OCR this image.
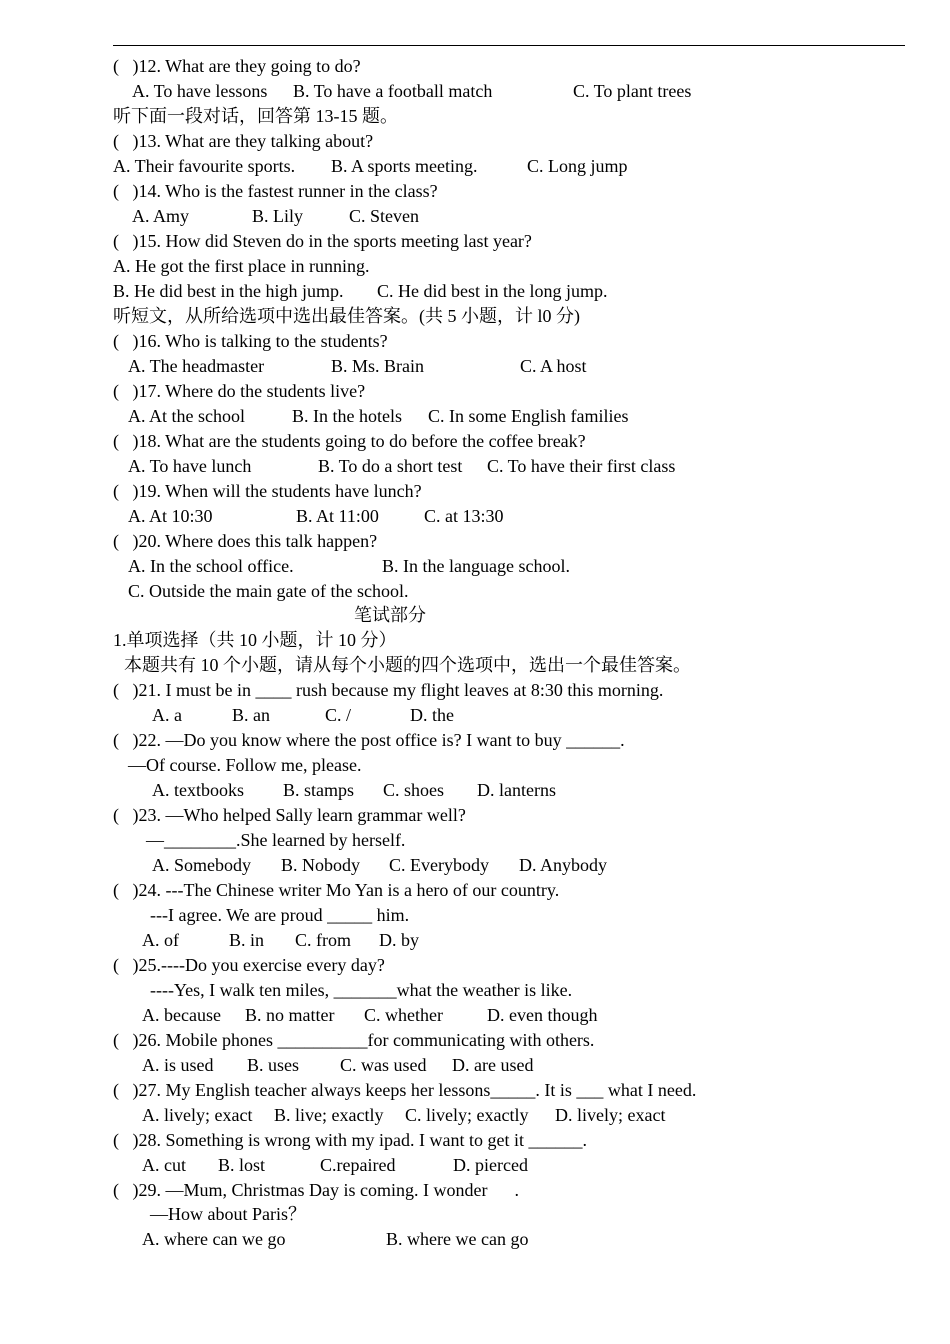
(   )12. What are they going to do?

A. To have lessons

B. To have a football match

	C. To plant trees

听下面一段对话，回答第 13-15 题。

(   )13. What are they talking about?

A. Their favourite sports.

B. A sports meeting.

	C. Long jump

(   )14. Who is the fastest runner in the class?

A. Amy

	B. Lily

	C. Steven

(   )15. How did Steven do in the sports meeting last year?

A. He got the first place in running.

B. He did best in the high jump.

C. He did best in the long jump.

听短文，从所给选项中选出最佳答案。(共 5 小题，计 l0 分)

(   )16. Who is talking to the students?

A. The headmaster

	B. Ms. Brain

	C. A host

(   )17. Where do the students live?

A. At the school

	B. In the hotels

C. In some English families

(   )18. What are the students going to do before the coffee break?

A. To have lunch

	B. To do a short test

C. To have their first class

(   )19. When will the students have lunch?

A. At 10:30

	B. At 11:00

	C. at 13:30

(   )20. Where does this talk happen?

A. In the school office.

	B. In the language school.

C. Outside the main gate of the school.

笔试部分

1.单项选择（共 10 小题，计 10 分）

本题共有 10 个小题，请从每个小题的四个选项中，选出一个最佳答案。

(   )21. I must be in ____ rush because my flight leaves at 8:30 this morning.

A. a

	B. an

	C. /

	D. the

(   )22. —Do you know where the post office is? I want to buy ______.

—Of course. Follow me, please.

A. textbooks

B. stamps

C. shoes

D. lanterns

(   )23. —Who helped Sally learn grammar well?

—________.She learned by herself.

A. Somebody

B. Nobody

C. Everybody

D. Anybody

(   )24. ---The Chinese writer Mo Yan is a hero of our country.

---I agree. We are proud _____ him.

A. of

	B. in

C. from

D. by

(   )25.----Do you exercise every day?

----Yes, I walk ten miles, _______what the weather is like.

A. because

B. no matter

C. whether

D. even though

(   )26. Mobile phones __________for communicating with others.

A. is used

B. uses

C. was used

D. are used

(   )27. My English teacher always keeps her lessons_____. It is ___ what I need.

A. lively; exact

B. live; exactly

C. lively; exactly

D. lively; exact

(   )28. Something is wrong with my ipad. I want to get it ______.

A. cut

B. lost

	C.repaired

	D. pierced

(   )29. —Mum, Christmas Day is coming. I wonder      .

—How about Paris？

A. where can we go

	B. where we can go
